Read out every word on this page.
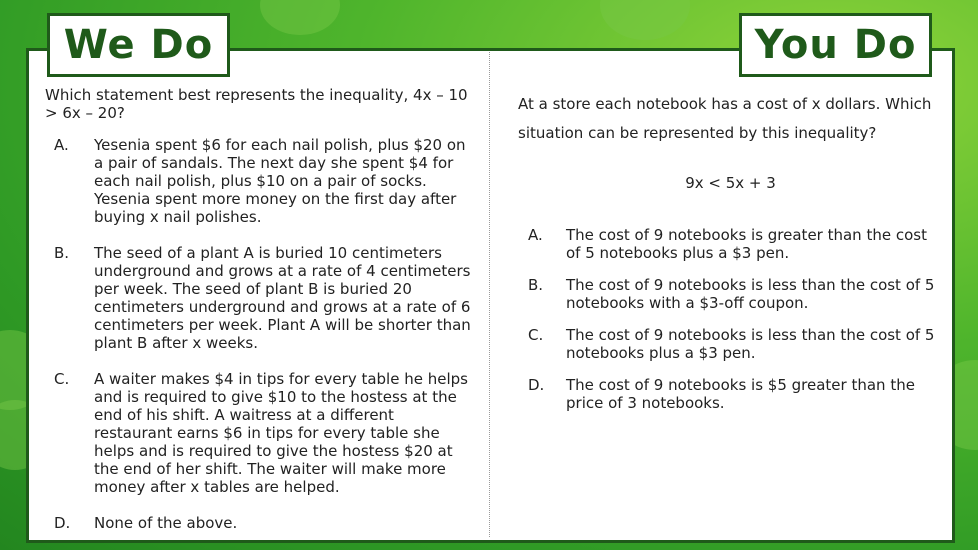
We Do	You Do

Which statement best represents the inequality, 4x – 10 > 6x – 20?

A.	Yesenia spent $6 for each nail polish, plus $20 on a pair of sandals. The next day she spent $4 for each nail polish, plus $10 on a pair of socks. Yesenia spent more money on the first day after buying x nail polishes.
B.	The seed of a plant A is buried 10 centimeters underground and grows at a rate of 4 centimeters per week. The seed of plant B is buried 20 centimeters underground and grows at a rate of 6 centimeters per week. Plant A will be shorter than plant B after x weeks.
C.	A waiter makes $4 in tips for every table he helps and is required to give $10 to the hostess at the end of his shift. A waitress at a different restaurant earns $6 in tips for every table she helps and is required to give the hostess $20 at the end of her shift. The waiter will make more money after x tables are helped.
D.	None of the above.

At a store each notebook has a cost of x dollars. Which situation can be represented by this inequality?

9x < 5x + 3

A.	The cost of 9 notebooks is greater than the cost of 5 notebooks plus a $3 pen.
B.	The cost of 9 notebooks is less than the cost of 5 notebooks with a $3-off coupon.
C.	The cost of 9 notebooks is less than the cost of 5 notebooks plus a $3 pen.
D.	The cost of 9 notebooks is $5 greater than the price of 3 notebooks.
